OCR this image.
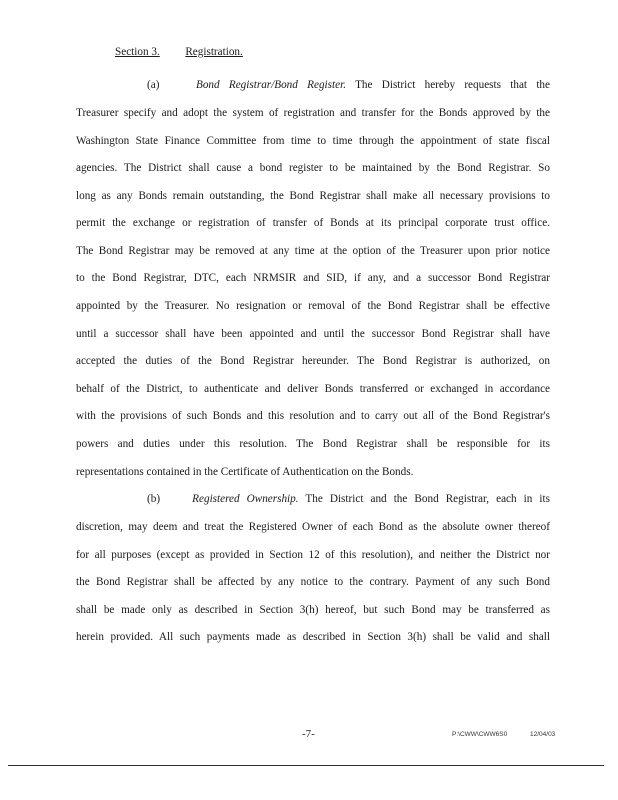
Section 3. Registration.
(a)	Bond Registrar/Bond Register. The District hereby requests that the
Treasurer specify and adopt the system of registration and transfer for the Bonds approved by the
Washington State Finance Committee from time to time through the appointment of state fiscal
agencies. The District shall cause a bond register to be maintained by the Bond Registrar. So
long as any Bonds remain outstanding, the Bond Registrar shall make all necessary provisions to
permit the exchange or registration of transfer of Bonds at its principal corporate trust office.
The Bond Registrar may be removed at any time at the option of the Treasurer upon prior notice
to the Bond Registrar, DTC, each NRMSIR and SID, if any, and a successor Bond Registrar
appointed by the Treasurer. No resignation or removal of the Bond Registrar shall be effective
until a successor shall have been appointed and until the successor Bond Registrar shall have
accepted the duties of the Bond Registrar hereunder. The Bond Registrar is authorized, on
behalf of the District, to authenticate and deliver Bonds transferred or exchanged in accordance
with the provisions of such Bonds and this resolution and to carry out all of the Bond Registrar's
powers and duties under this resolution. The Bond Registrar shall be responsible for its
representations contained in the Certificate of Authentication on the Bonds.
(b)	Registered Ownership. The District and the Bond Registrar, each in its
discretion, may deem and treat the Registered Owner of each Bond as the absolute owner thereof
for all purposes (except as provided in Section 12 of this resolution), and neither the District nor
the Bond Registrar shall be affected by any notice to the contrary. Payment of any such Bond
shall be made only as described in Section 3(h) hereof, but such Bond may be transferred as
herein provided. All such payments made as described in Section 3(h) shall be valid and shall
-7-	P:\CWW\CWW6S0	12/04/03
